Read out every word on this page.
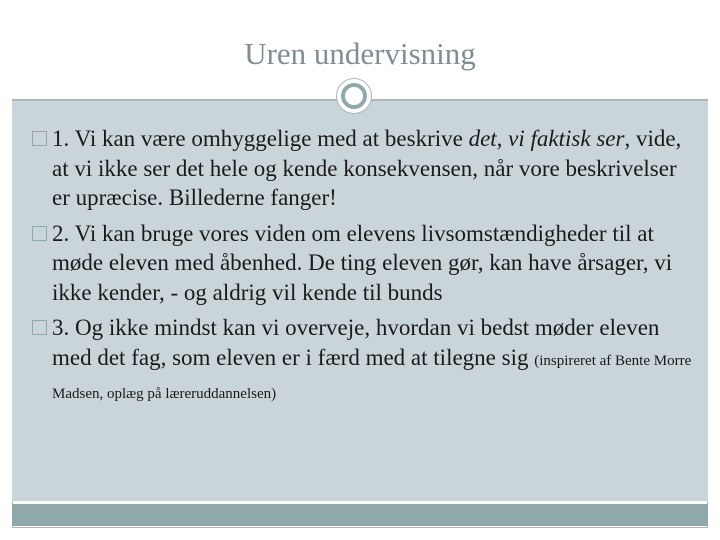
Uren undervisning
1. Vi kan være omhyggelige med at beskrive det, vi faktisk ser, vide, at vi ikke ser det hele og kende konsekvensen, når vore beskrivelser er upræcise. Billederne fanger!
2. Vi kan bruge vores viden om elevens livsomstændigheder til at møde eleven med åbenhed. De ting eleven gør, kan have årsager, vi ikke kender, - og aldrig vil kende til bunds
3. Og ikke mindst kan vi overveje, hvordan vi bedst møder eleven med det fag, som eleven er i færd med at tilegne sig (inspireret af Bente Morre Madsen, oplæg på læreruddannelsen)
